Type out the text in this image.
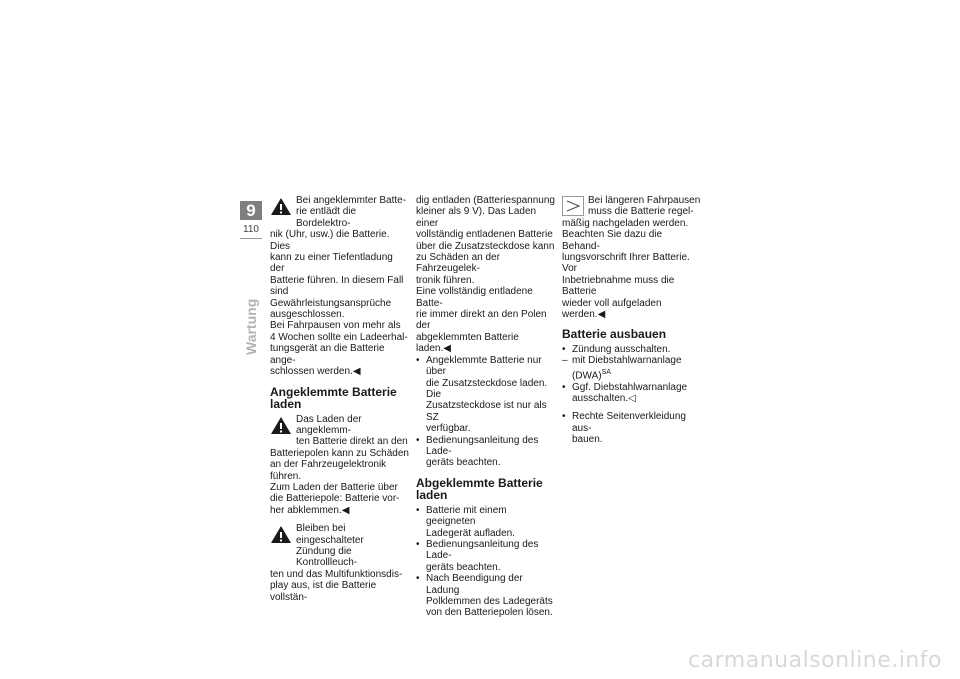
9
110
Wartung
Bei angeklemmter Batte-
rie entlädt die Bordelektro-
nik (Uhr, usw.) die Batterie. Dies
kann zu einer Tiefentladung der
Batterie führen. In diesem Fall
sind Gewährleistungsansprüche
ausgeschlossen.
Bei Fahrpausen von mehr als
4 Wochen sollte ein Ladeerhal-
tungsgerät an die Batterie ange-
schlossen werden.◀
Angeklemmte Batterie
laden
Das Laden der angeklemm-
ten Batterie direkt an den
Batteriepolen kann zu Schäden
an der Fahrzeugelektronik führen.
Zum Laden der Batterie über
die Batteriepole: Batterie vor-
her abklemmen.◀
Bleiben bei eingeschalteter
Zündung die Kontrollleuch-
ten und das Multifunktionsdis-
play aus, ist die Batterie vollstän-

dig entladen (Batteriespannung
kleiner als 9 V). Das Laden einer
vollständig entladenen Batterie
über die Zusatzsteckdose kann
zu Schäden an der Fahrzeugelek-
tronik führen.
Eine vollständig entladene Batte-
rie immer direkt an den Polen der
abgeklemmten Batterie laden.◀

• Angeklemmte Batterie nur über
die Zusatzsteckdose laden. Die
Zusatzsteckdose ist nur als SZ
verfügbar.
• Bedienungsanleitung des Lade-
geräts beachten.
Abgeklemmte Batterie
laden
• Batterie mit einem geeigneten
Ladegerät aufladen.
• Bedienungsanleitung des Lade-
geräts beachten.
• Nach Beendigung der Ladung
Polklemmen des Ladegeräts
von den Batteriepolen lösen.
Bei längeren Fahrpausen
muss die Batterie regel-
mäßig nachgeladen werden.
Beachten Sie dazu die Behand-
lungsvorschrift Ihrer Batterie. Vor
Inbetriebnahme muss die Batterie
wieder voll aufgeladen werden.◀
Batterie ausbauen
• Zündung ausschalten.
– mit Diebstahlwarnanlage
(DWA)$^{SA}$
• Ggf. Diebstahlwarnanlage
ausschalten.◁
• Rechte Seitenverkleidung aus-
bauen.
carmanualsonline.info
